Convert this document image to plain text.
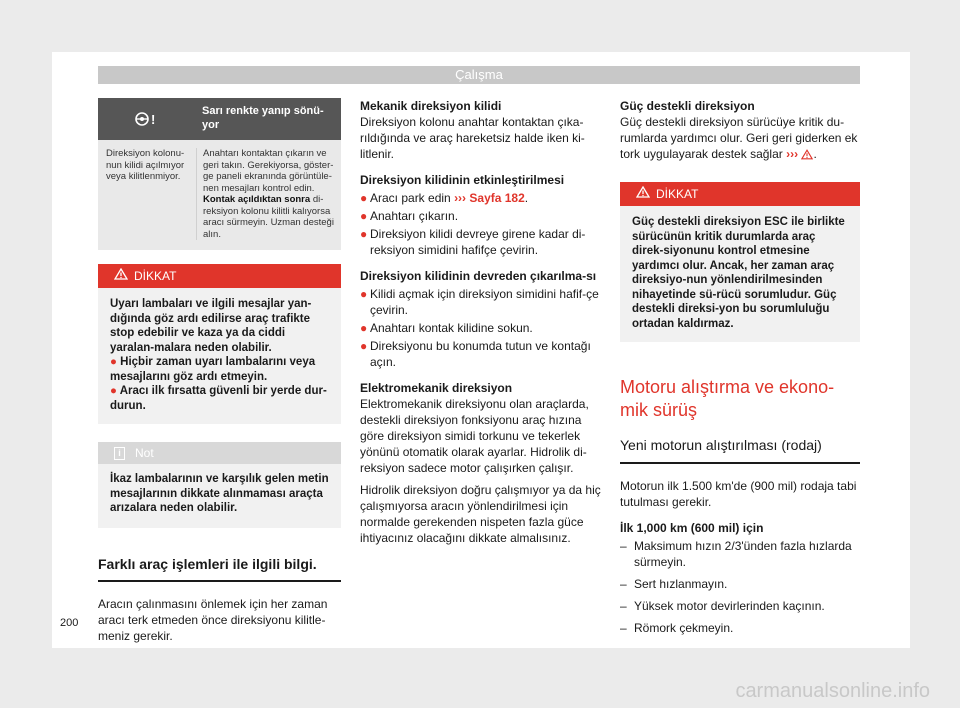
Çalışma
!
Sarı renkte yanıp sönü-yor
Direksiyon kolonu-nun kilidi açılmıyor veya kilitlenmiyor.
Anahtarı kontaktan çıkarın ve geri takın. Gerekiyorsa, göster-ge paneli ekranında görüntüle-nen mesajları kontrol edin. Kontak açıldıktan sonra di-reksiyon kolonu kilitli kalıyorsa aracı sürmeyin. Uzman desteği alın.
DİKKAT

Uyarı lambaları ve ilgili mesajlar yan-dığında göz ardı edilirse araç trafikte stop edebilir ve kaza ya da ciddi yaralan-malara neden olabilir.

● Hiçbir zaman uyarı lambalarını veya mesajlarını göz ardı etmeyin.

● Aracı ilk fırsatta güvenli bir yerde dur-durun.

i	Not
İkaz lambalarının ve karşılık gelen metin mesajlarının dikkate alınmaması araçta arızalara neden olabilir.
Farklı araç işlemleri ile ilgili bilgi.
Aracın çalınmasını önlemek için her zaman aracı terk etmeden önce direksiyonu kilitle-meniz gerekir.
Mekanik direksiyon kilidi
Direksiyon kolonu anahtar kontaktan çıka-rıldığında ve araç hareketsiz halde iken ki-litlenir.
Direksiyon kilidinin etkinleştirilmesi
● Aracı park edin ››› Sayfa 182.
● Anahtarı çıkarın.
● Direksiyon kilidi devreye girene kadar di-reksiyon simidini hafifçe çevirin.
Direksiyon kilidinin devreden çıkarılma-sı
● Kilidi açmak için direksiyon simidini hafif-çe çevirin.
● Anahtarı kontak kilidine sokun.
● Direksiyonu bu konumda tutun ve kontağı açın.
Elektromekanik direksiyon
Elektromekanik direksiyonu olan araçlarda, destekli direksiyon fonksiyonu araç hızına göre direksiyon simidi torkunu ve tekerlek yönünü otomatik olarak ayarlar. Hidrolik di-reksiyon sadece motor çalışırken çalışır.
Hidrolik direksiyon doğru çalışmıyor ya da hiç çalışmıyorsa aracın yönlendirilmesi için normalde gerekenden nispeten fazla güce ihtiyacınız olacağını dikkate almalısınız.
Güç destekli direksiyon
Güç destekli direksiyon sürücüye kritik du-rumlarda yardımcı olur. Geri geri giderken ek tork uygulayarak destek sağlar ››› .
DİKKAT
Güç destekli direksiyon ESC ile birlikte sürücünün kritik durumlarda araç direk-siyonunu kontrol etmesine yardımcı olur. Ancak, her zaman araç direksiyo-nun yönlendirilmesinden nihayetinde sü-rücü sorumludur. Güç destekli direksi-yon bu sorumluluğu ortadan kaldırmaz.
Motoru alıştırma ve ekono-mik sürüş
Yeni motorun alıştırılması (rodaj)
Motorun ilk 1.500 km'de (900 mil) rodaja tabi tutulması gerekir.
İlk 1,000 km (600 mil) için
– Maksimum hızın 2/3'ünden fazla hızlarda sürmeyin.
– Sert hızlanmayın.
– Yüksek motor devirlerinden kaçının.
– Römork çekmeyin.
200
carmanualsonline.info
